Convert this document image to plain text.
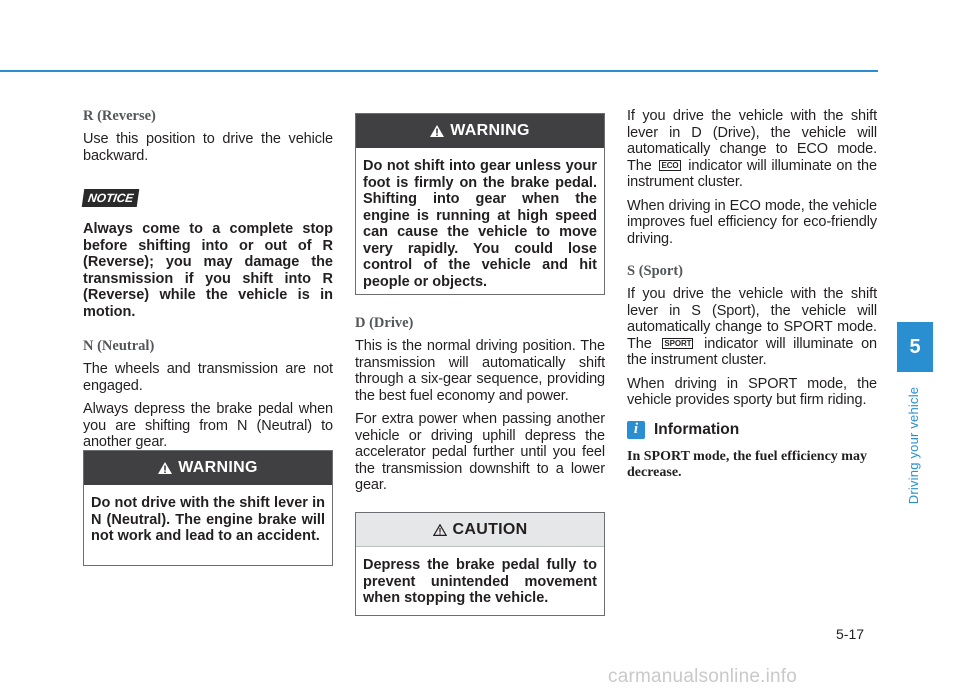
R (Reverse)

Use this position to drive the vehicle backward.

NOTICE

Always come to a complete stop before shifting into or out of R (Reverse); you may damage the transmission if you shift into R (Reverse) while the vehicle is in motion.

N (Neutral)

The wheels and transmission are not engaged.

Always depress the brake pedal when you are shifting from N (Neutral) to another gear.

WARNING
Do not drive with the shift lever in N (Neutral). The engine brake will not work and lead to an accident.
WARNING
Do not shift into gear unless your foot is firmly on the brake pedal. Shifting into gear when the engine is running at high speed can cause the vehicle to move very rapidly. You could lose control of the vehicle and hit people or objects.
D (Drive)

This is the normal driving position. The transmission will automatically shift through a six-gear sequence, providing the best fuel economy and power.

For extra power when passing another vehicle or driving uphill depress the accelerator pedal further until you feel the transmission downshift to a lower gear.

CAUTION
Depress the brake pedal fully to prevent unintended movement when stopping the vehicle.

If you drive the vehicle with the shift lever in D (Drive), the vehicle will automatically change to ECO mode. The ECO indicator will illuminate on the instrument cluster.

When driving in ECO mode, the vehicle improves fuel efficiency for eco-friendly driving.

S (Sport)

If you drive the vehicle with the shift lever in S (Sport), the vehicle will automatically change to SPORT mode. The SPORT indicator will illuminate on the instrument cluster.

When driving in SPORT mode, the vehicle provides sporty but firm riding.

i	Information

In SPORT mode, the fuel efficiency may decrease.

5
Driving your vehicle
5-17
carmanualsonline.info
